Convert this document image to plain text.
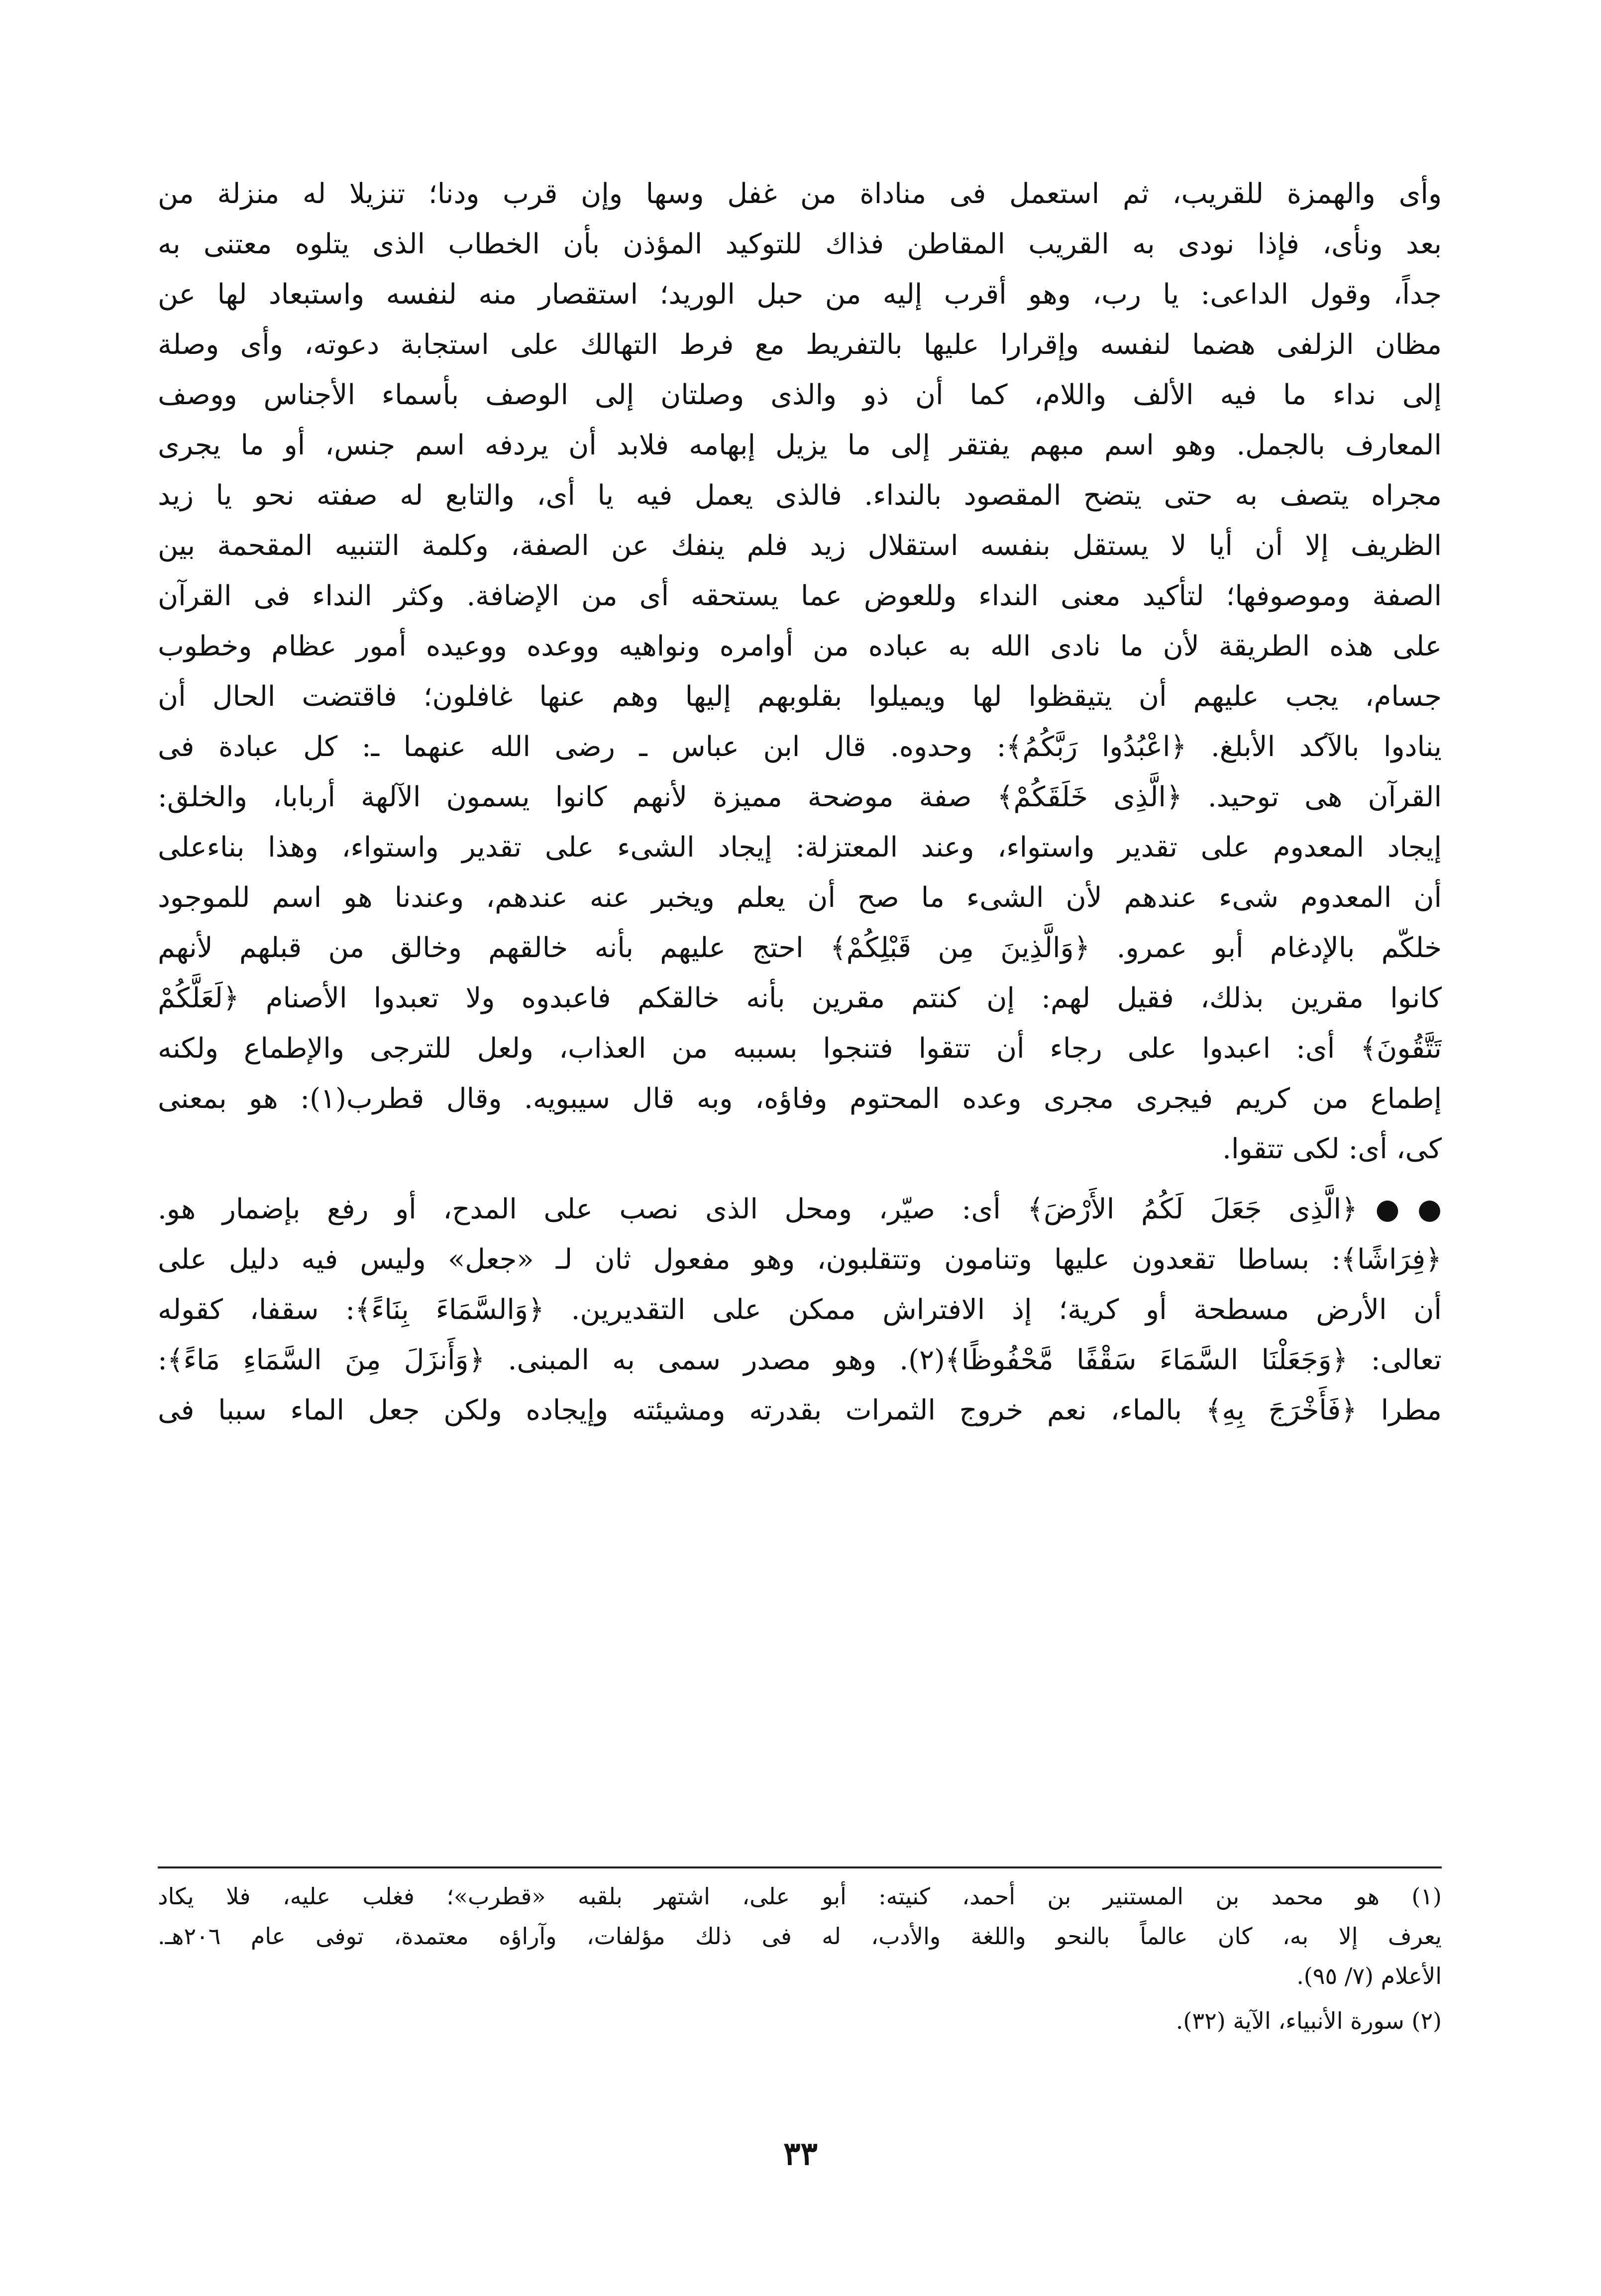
وأى والهمزة للقريب، ثم استعمل فى مناداة من غفل وسها وإن قرب ودنا؛ تنزيلا له منزلة من
بعد ونأى، فإذا نودى به القريب المقاطن فذاك للتوكيد المؤذن بأن الخطاب الذى يتلوه معتنى به
جداً، وقول الداعى: يا رب، وهو أقرب إليه من حبل الوريد؛ استقصار منه لنفسه واستبعاد لها عن
مظان الزلفى هضما لنفسه وإقرارا عليها بالتفريط مع فرط التهالك على استجابة دعوته، وأى وصلة
إلى نداء ما فيه الألف واللام، كما أن ذو والذى وصلتان إلى الوصف بأسماء الأجناس ووصف
المعارف بالجمل. وهو اسم مبهم يفتقر إلى ما يزيل إبهامه فلابد أن يردفه اسم جنس، أو ما يجرى
مجراه يتصف به حتى يتضح المقصود بالنداء. فالذى يعمل فيه يا أى، والتابع له صفته نحو يا زيد
الظريف إلا أن أيا لا يستقل بنفسه استقلال زيد فلم ينفك عن الصفة، وكلمة التنبيه المقحمة بين
الصفة وموصوفها؛ لتأكيد معنى النداء وللعوض عما يستحقه أى من الإضافة. وكثر النداء فى القرآن
على هذه الطريقة لأن ما نادى الله به عباده من أوامره ونواهيه ووعده ووعيده أمور عظام وخطوب
جسام، يجب عليهم أن يتيقظوا لها ويميلوا بقلوبهم إليها وهم عنها غافلون؛ فاقتضت الحال أن
ينادوا بالآكد الأبلغ. ﴿اعْبُدُوا رَبَّكُمُ﴾: وحدوه. قال ابن عباس ـ رضى الله عنهما ـ: كل عبادة فى
القرآن هى توحيد. ﴿الَّذِى خَلَقَكُمْ﴾ صفة موضحة مميزة لأنهم كانوا يسمون الآلهة أربابا، والخلق:
إيجاد المعدوم على تقدير واستواء، وعند المعتزلة: إيجاد الشىء على تقدير واستواء، وهذا بناءعلى
أن المعدوم شىء عندهم لأن الشىء ما صح أن يعلم ويخبر عنه عندهم، وعندنا هو اسم للموجود
خلكّم بالإدغام أبو عمرو. ﴿وَالَّذِينَ مِن قَبْلِكُمْ﴾ احتج عليهم بأنه خالقهم وخالق من قبلهم لأنهم
كانوا مقرين بذلك، فقيل لهم: إن كنتم مقرين بأنه خالقكم فاعبدوه ولا تعبدوا الأصنام ﴿لَعَلَّكُمْ
تَتَّقُونَ﴾ أى: اعبدوا على رجاء أن تتقوا فتنجوا بسببه من العذاب، ولعل للترجى والإطماع ولكنه
إطماع من كريم فيجرى مجرى وعده المحتوم وفاؤه، وبه قال سيبويه. وقال قطرب(١): هو بمعنى
كى، أى: لكى تتقوا.
●●﴿الَّذِى جَعَلَ لَكُمُ الأَرْضَ﴾ أى: صيّر، ومحل الذى نصب على المدح، أو رفع بإضمار هو.
﴿فِرَاشًا﴾: بساطا تقعدون عليها وتنامون وتتقلبون، وهو مفعول ثان لـ «جعل» وليس فيه دليل على
أن الأرض مسطحة أو كرية؛ إذ الافتراش ممكن على التقديرين. ﴿وَالسَّمَاءَ بِنَاءً﴾: سقفا، كقوله
تعالى: ﴿وَجَعَلْنَا السَّمَاءَ سَقْفًا مَّحْفُوظًا﴾(٢). وهو مصدر سمى به المبنى. ﴿وَأَنزَلَ مِنَ السَّمَاءِ مَاءً﴾:
مطرا ﴿فَأَخْرَجَ بِهِ﴾ بالماء، نعم خروج الثمرات بقدرته ومشيئته وإيجاده ولكن جعل الماء سببا فى
(١) هو محمد بن المستنير بن أحمد، كنيته: أبو على، اشتهر بلقبه «قطرب»؛ فغلب عليه، فلا يكاد
يعرف إلا به، كان عالماً بالنحو واللغة والأدب، له فى ذلك مؤلفات، وآراؤه معتمدة، توفى عام ٢٠٦هـ.
الأعلام (٧/ ٩٥).
(٢) سورة الأنبياء، الآية (٣٢).
٣٣
